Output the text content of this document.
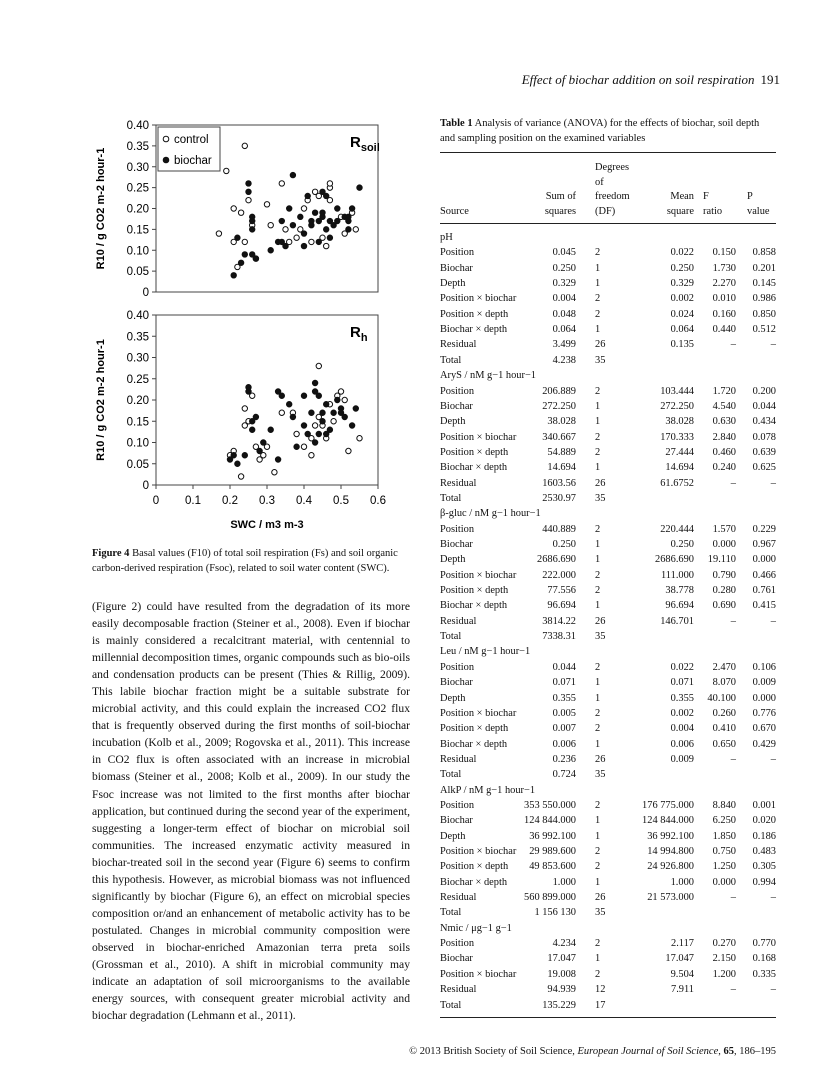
Effect of biochar addition on soil respiration 191
0
0.05
0.10
0.15
0.20
0.25
0.30
0.35
0.40
R10 / g CO2 m-2 hour-1
$R_{soil}$
control
biochar
0
0.05
0.10
0.15
0.20
0.25
0.30
0.35
0.40
R10 / g CO2 m-2 hour-1
$R_h$
0 0.1 0.2 0.3 0.4 0.5 0.6
SWC / m3 m-3
Figure 4 Basal values (F10) of total soil respiration (Fs) and soil organic carbon-derived respiration (Fsoc), related to soil water content (SWC).
(Figure 2) could have resulted from the degradation of its more easily decomposable fraction (Steiner et al., 2008). Even if biochar is mainly considered a recalcitrant material, with centennial to millennial decomposition times, organic compounds such as bio-oils and condensation products can be present (Thies & Rillig, 2009). This labile biochar fraction might be a suitable substrate for microbial activity, and this could explain the increased CO2 flux that is frequently observed during the first months of soil-biochar incubation (Kolb et al., 2009; Rogovska et al., 2011). This increase in CO2 flux is often associated with an increase in microbial biomass (Steiner et al., 2008; Kolb et al., 2009). In our study the Fsoc increase was not limited to the first months after biochar application, but continued during the second year of the experiment, suggesting a longer-term effect of biochar on microbial soil communities. The increased enzymatic activity measured in biochar-treated soil in the second year (Figure 6) seems to confirm this hypothesis. However, as microbial biomass was not influenced significantly by biochar (Figure 6), an effect on microbial species composition or/and an enhancement of metabolic activity has to be postulated. Changes in microbial community composition were observed in biochar-enriched Amazonian terra preta soils (Grossman et al., 2010). A shift in microbial community may indicate an adaptation of soil microorganisms to the available energy sources, with consequent greater microbial activity and biochar degradation (Lehmann et al., 2011).
Table 1 Analysis of variance (ANOVA) for the effects of biochar, soil depth and sampling position on the examined variables
Source
Sum of
squares
Degrees
of
freedom
(DF)
Mean
square
F
ratio
P
value
pH
Position	0.045 2	0.022	0.150	0.858
Biochar	0.250 1	0.250	1.730	0.201
Depth	0.329 1	0.329	2.270	0.145
Position × biochar	0.004 2	0.002	0.010	0.986
Position × depth	0.048 2	0.024	0.160	0.850
Biochar × depth	0.064 1	0.064	0.440	0.512
Residual	3.499 26	0.135	–	–
Total	4.238 35
AryS / nM g−1 hour−1
Position	206.889 2	103.444	1.720	0.200
Biochar	272.250 1	272.250	4.540	0.044
Depth	38.028 1	38.028	0.630	0.434
Position × biochar	340.667 2	170.333	2.840	0.078
Position × depth	54.889 2	27.444	0.460	0.639
Biochar × depth	14.694 1	14.694	0.240	0.625
Residual	1603.56 26	61.6752	–	–
Total	2530.97 35
β-gluc / nM g−1 hour−1
Position	440.889 2	220.444	1.570	0.229
Biochar	0.250 1	0.250	0.000	0.967
Depth	2686.690 1	2686.690	19.110	0.000
Position × biochar	222.000 2	111.000	0.790	0.466
Position × depth	77.556 2	38.778	0.280	0.761
Biochar × depth	96.694 1	96.694	0.690	0.415
Residual	3814.22 26	146.701	–	–
Total	7338.31 35
Leu / nM g−1 hour−1
Position	0.044 2	0.022	2.470	0.106
Biochar	0.071 1	0.071	8.070	0.009
Depth	0.355 1	0.355	40.100	0.000
Position × biochar	0.005 2	0.002	0.260	0.776
Position × depth	0.007 2	0.004	0.410	0.670
Biochar × depth	0.006 1	0.006	0.650	0.429
Residual	0.236 26	0.009	–	–
Total	0.724 35
AlkP / nM g−1 hour−1
Position	353 550.000 2	176 775.000	8.840	0.001
Biochar	124 844.000 1	124 844.000	6.250	0.020
Depth	36 992.100 1	36 992.100	1.850	0.186
Position × biochar	29 989.600 2	14 994.800	0.750	0.483
Position × depth	49 853.600 2	24 926.800	1.250	0.305
Biochar × depth	1.000 1	1.000	0.000	0.994
Residual	560 899.000 26	21 573.000	–	–
Total	1 156 130 35
Nmic / μg−1 g−1
Position	4.234 2	2.117	0.270	0.770
Biochar	17.047 1	17.047	2.150	0.168
Position × biochar	19.008 2	9.504	1.200	0.335
Residual	94.939 12	7.911	–	–
Total	135.229 17
© 2013 British Society of Soil Science, European Journal of Soil Science, 65, 186–195
